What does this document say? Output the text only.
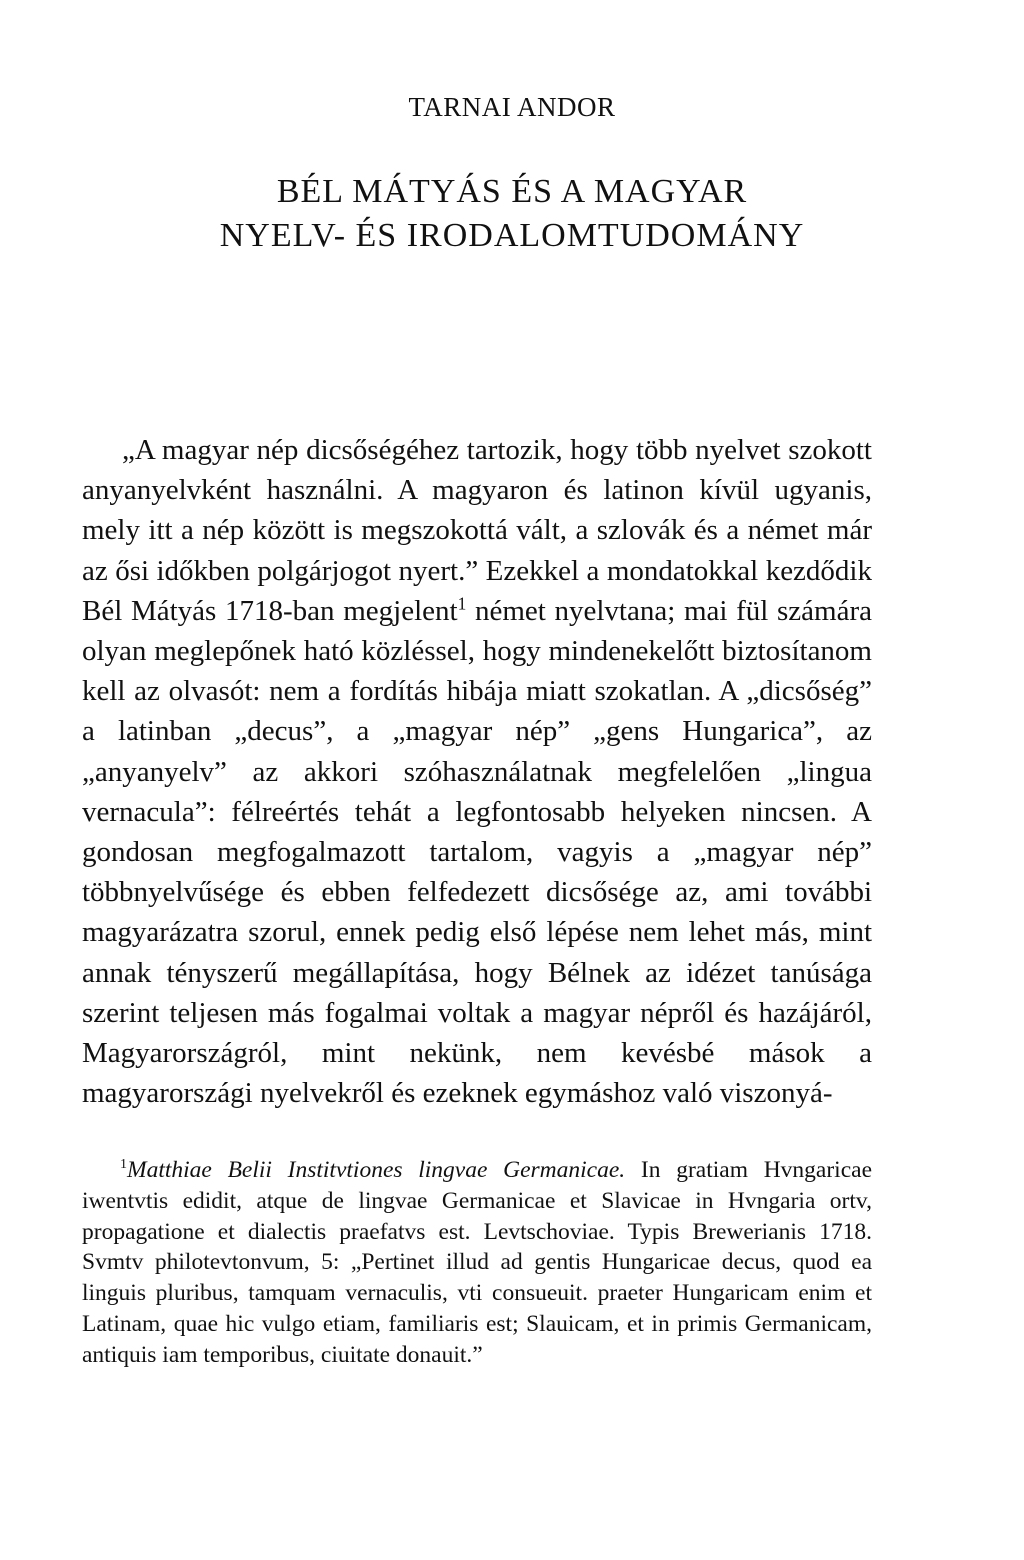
TARNAI ANDOR
BÉL MÁTYÁS ÉS A MAGYAR
NYELV- ÉS IRODALOMTUDOMÁNY

„A magyar nép dicsőségéhez tartozik, hogy több nyelvet szokott anyanyelvként használni. A magyaron és latinon kívül ugyanis, mely itt a nép között is megszokottá vált, a szlovák és a német már az ősi időkben polgárjogot nyert.” Ezekkel a mondatokkal kezdődik Bél Mátyás 1718-ban megjelent$^1$ német nyelvtana; mai fül számára olyan meglepőnek ható közléssel, hogy mindenekelőtt biztosítanom kell az olvasót: nem a fordítás hibája miatt szokatlan. A „dicsőség” a latinban „decus”, a „magyar nép” „gens Hungarica”, az „anyanyelv” az akkori szóhasználatnak megfelelően „lingua vernacula”: félreértés tehát a legfontosabb helyeken nincsen. A gondosan megfogalmazott tartalom, vagyis a „magyar nép” többnyelvűsége és ebben felfedezett dicsősége az, ami további magyarázatra szorul, ennek pedig első lépése nem lehet más, mint annak tényszerű megállapítása, hogy Bélnek az idézet tanúsága szerint teljesen más fogalmai voltak a magyar népről és hazájáról, Magyarországról, mint nekünk, nem kevésbé mások a magyarországi nyelvekről és ezeknek egymáshoz való viszonyá-

$^1$Matthiae Belii Institvtiones lingvae Germanicae. In gratiam Hvngaricae iwentvtis edidit, atque de lingvae Germanicae et Slavicae in Hvngaria ortv, propagatione et dialectis praefatvs est. Levtschoviae. Typis Brewerianis 1718. Svmtv philotevtonvum, 5: „Pertinet illud ad gentis Hungaricae decus, quod ea linguis pluribus, tamquam vernaculis, vti consueuit. praeter Hungaricam enim et Latinam, quae hic vulgo etiam, familiaris est; Slauicam, et in primis Germanicam, antiquis iam temporibus, ciuitate donauit.”
